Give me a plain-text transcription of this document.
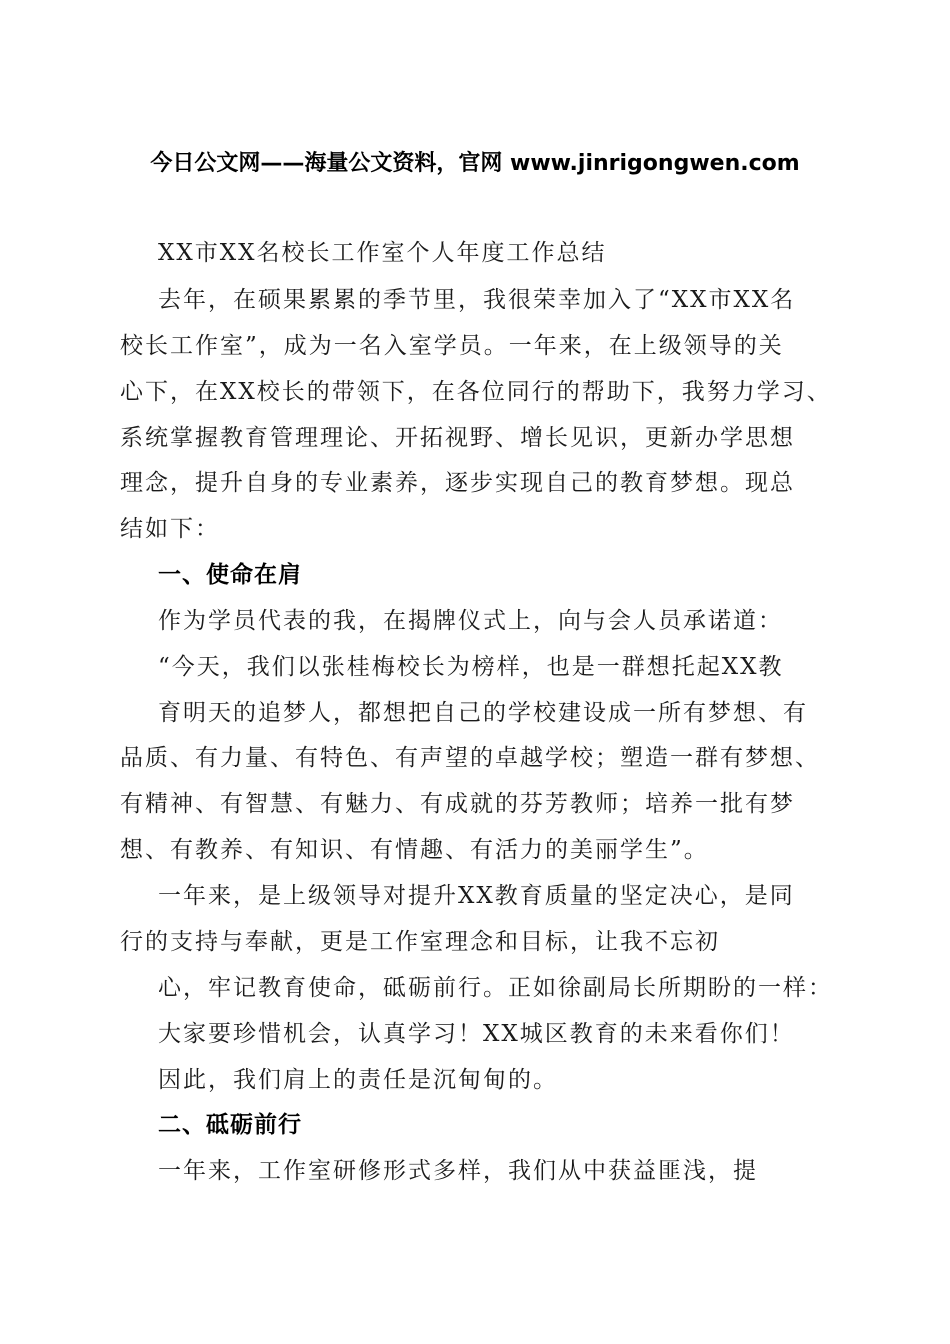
今日公文网——海量公文资料，官网 www.jinrigongwen.com
XX市XX名校长工作室个人年度工作总结
去年，在硕果累累的季节里，我很荣幸加入了“XX市XX名
校长工作室”，成为一名入室学员。一年来，在上级领导的关
心下，在XX校长的带领下，在各位同行的帮助下，我努力学习、
系统掌握教育管理理论、开拓视野、增长见识，更新办学思想
理念，提升自身的专业素养，逐步实现自己的教育梦想。现总
结如下：
一、使命在肩
作为学员代表的我，在揭牌仪式上，向与会人员承诺道：
“今天，我们以张桂梅校长为榜样，也是一群想托起XX教
育明天的追梦人，都想把自己的学校建设成一所有梦想、有
品质、有力量、有特色、有声望的卓越学校；塑造一群有梦想、
有精神、有智慧、有魅力、有成就的芬芳教师；培养一批有梦
想、有教养、有知识、有情趣、有活力的美丽学生”。
一年来，是上级领导对提升XX教育质量的坚定决心，是同
行的支持与奉献，更是工作室理念和目标，让我不忘初
心，牢记教育使命，砥砺前行。正如徐副局长所期盼的一样：
大家要珍惜机会，认真学习！XX城区教育的未来看你们！
因此，我们肩上的责任是沉甸甸的。
二、砥砺前行
一年来，工作室研修形式多样，我们从中获益匪浅，提
